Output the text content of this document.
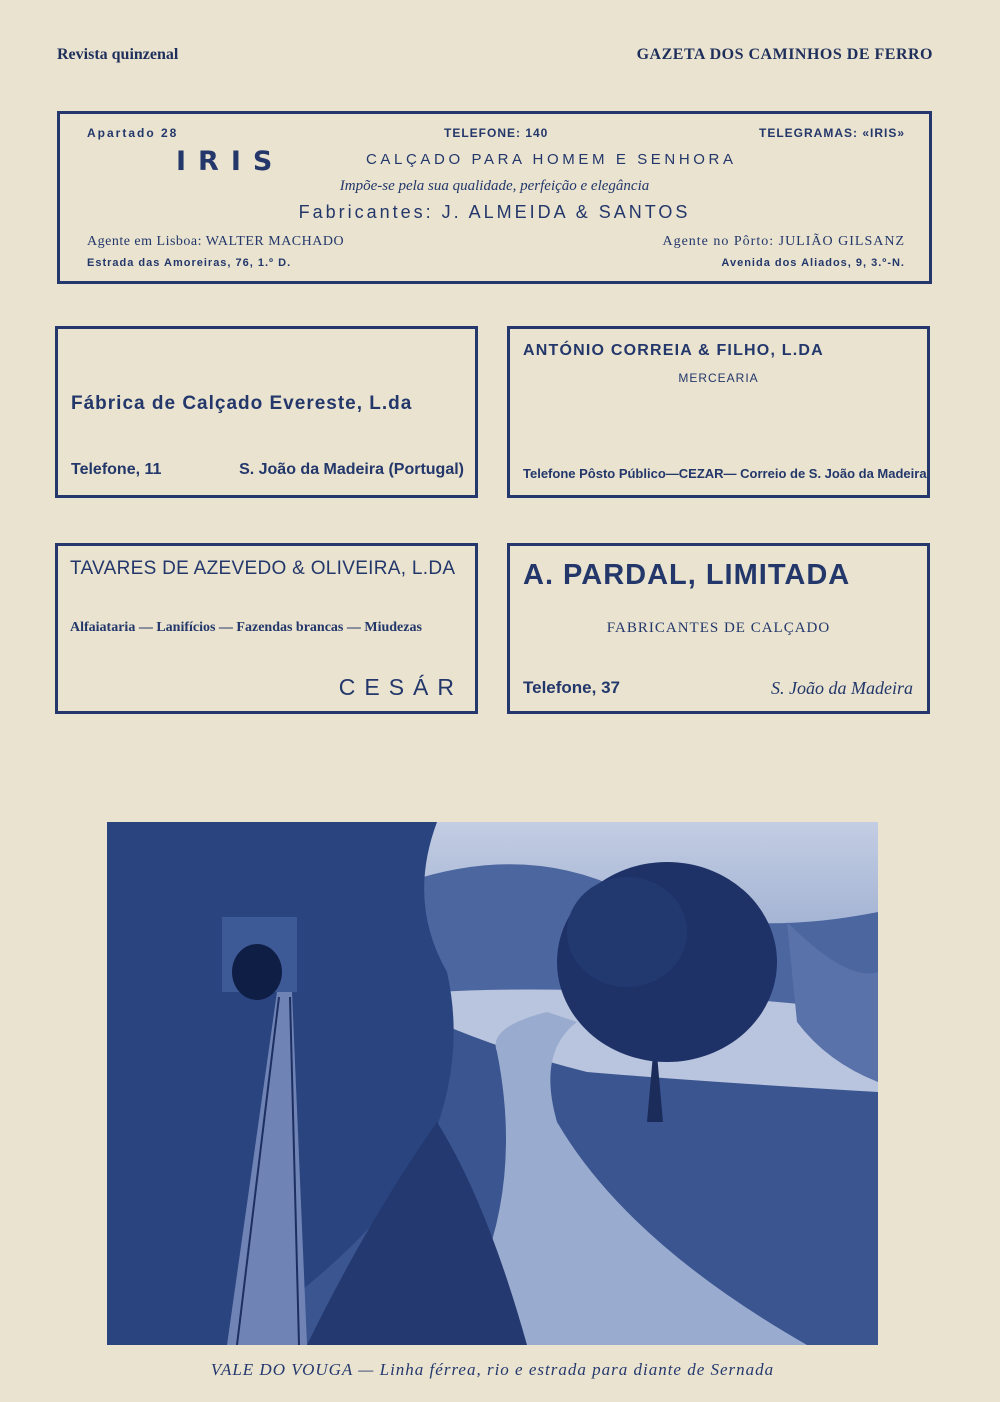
Revista quinzenal	GAZETA DOS CAMINHOS DE FERRO
Apartado 28	TELEFONE: 140	TELEGRAMAS: «IRIS»
IRIS	CALÇADO PARA HOMEM E SENHORA
Impõe-se pela sua qualidade, perfeição e elegância
Fabricantes: J. ALMEIDA & SANTOS
Agente em Lisboa: WALTER MACHADO	Agente no Pôrto: JULIÃO GILSANZ
Estrada das Amoreiras, 76, 1.º D.	Avenida dos Aliados, 9, 3.º-N.
Fábrica de Calçado Evereste, L.da
Telefone, 11	S. João da Madeira (Portugal)
ANTÓNIO CORREIA & FILHO, L.DA
MERCEARIA
Telefone Pôsto Público—CEZAR— Correio de S. João da Madeira
TAVARES DE AZEVEDO & OLIVEIRA, L.DA
Alfaiataria — Lanifícios — Fazendas brancas — Miudezas
CESÁR
A. PARDAL, LIMITADA
FABRICANTES DE CALÇADO
Telefone, 37	S. João da Madeira
VALE DO VOUGA — Linha férrea, rio e estrada para diante de Sernada
